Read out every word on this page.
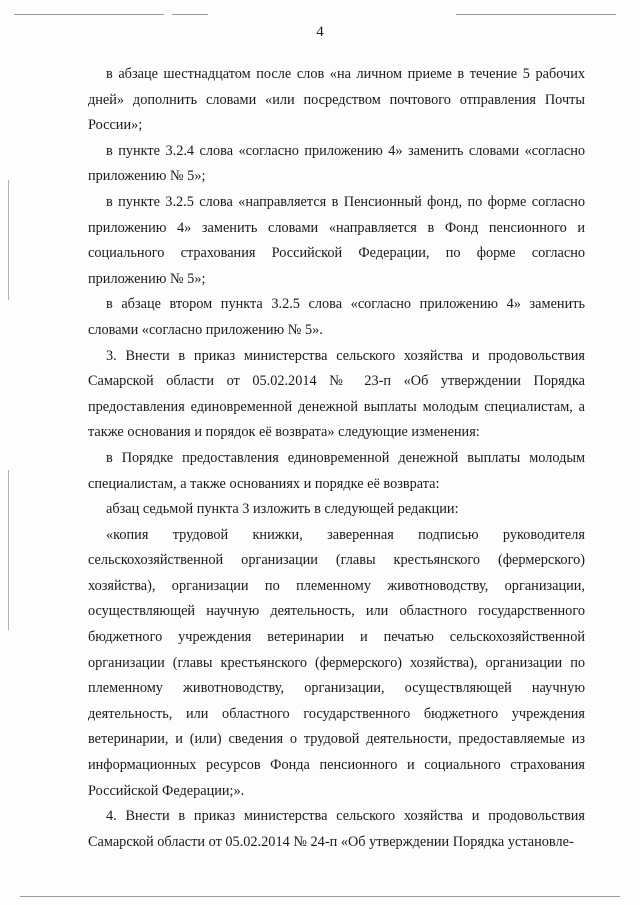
4

в абзаце шестнадцатом после слов «на личном приеме в течение 5 рабочих дней» дополнить словами «или посредством почтового отправления Почты России»;

в пункте 3.2.4 слова «согласно приложению 4» заменить словами «согласно приложению № 5»;

в пункте 3.2.5 слова «направляется в Пенсионный фонд, по форме согласно приложению 4» заменить словами «направляется в Фонд пенсионного и социального страхования Российской Федерации, по форме согласно приложению № 5»;

в абзаце втором пункта 3.2.5 слова «согласно приложению 4» заменить словами «согласно приложению № 5».

3. Внести в приказ министерства сельского хозяйства и продовольствия Самарской области от 05.02.2014 № 23-п «Об утверждении Порядка предоставления единовременной денежной выплаты молодым специалистам, а также основания и порядок её возврата» следующие изменения:

в Порядке предоставления единовременной денежной выплаты молодым специалистам, а также основаниях и порядке её возврата:

абзац седьмой пункта 3 изложить в следующей редакции:

«копия трудовой книжки, заверенная подписью руководителя сельскохозяйственной организации (главы крестьянского (фермерского) хозяйства), организации по племенному животноводству, организации, осуществляющей научную деятельность, или областного государственного бюджетного учреждения ветеринарии и печатью сельскохозяйственной организации (главы крестьянского (фермерского) хозяйства), организации по племенному животноводству, организации, осуществляющей научную деятельность, или областного государственного бюджетного учреждения ветеринарии, и (или) сведения о трудовой деятельности, предоставляемые из информационных ресурсов Фонда пенсионного и социального страхования Российской Федерации;».

4. Внести в приказ министерства сельского хозяйства и продовольствия Самарской области от 05.02.2014 № 24-п «Об утверждении Порядка установле-
